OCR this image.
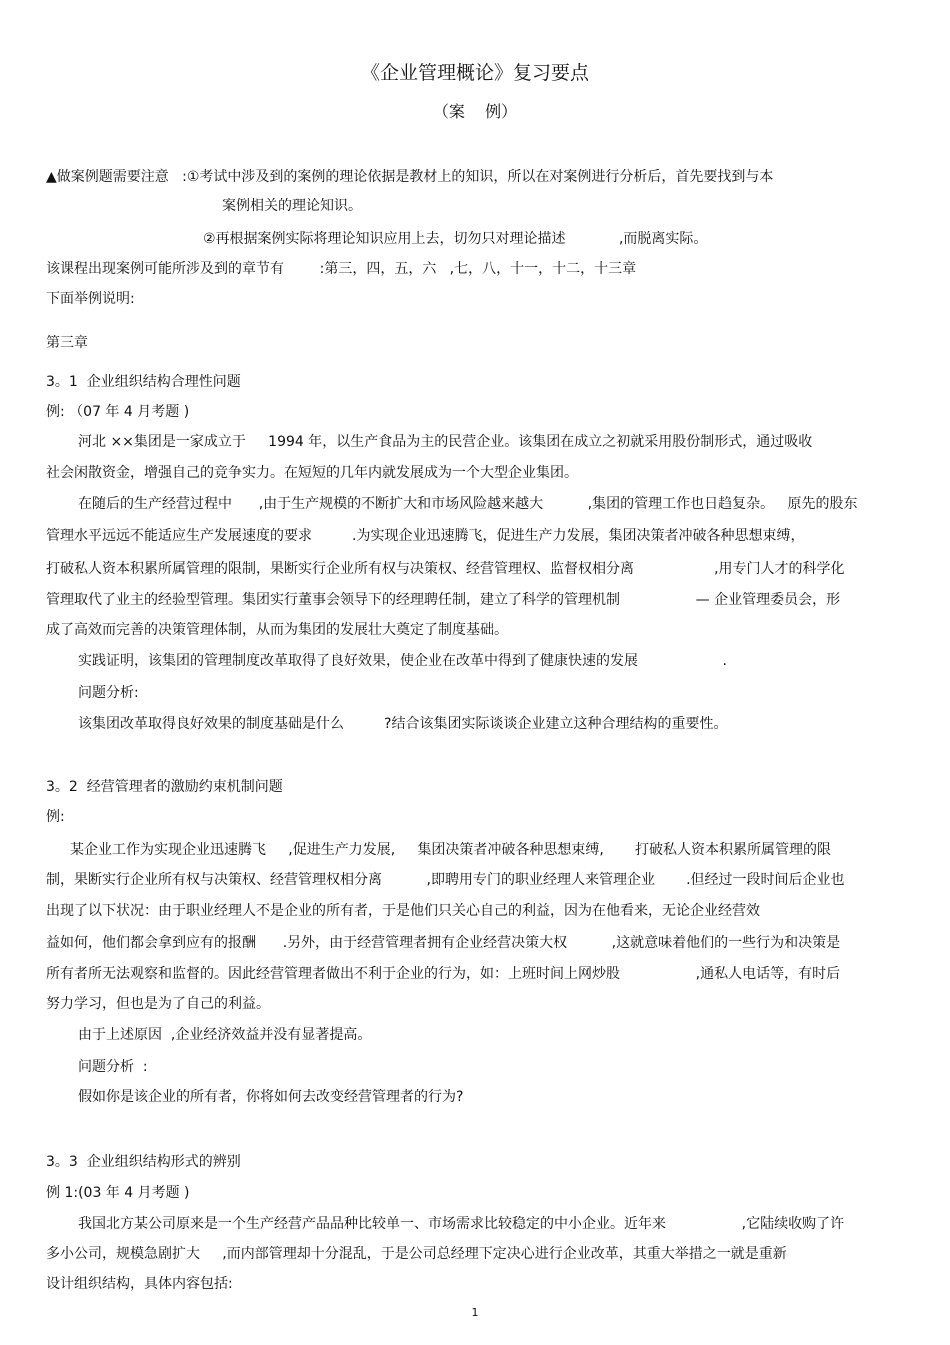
《企业管理概论》复习要点
（案    例）
▲做案例题需要注意   :①考试中涉及到的案例的理论依据是教材上的知识，所以在对案例进行分析后，首先要找到与本
案例相关的理论知识。
②再根据案例实际将理论知识应用上去，切勿只对理论描述            ,而脱离实际。
该课程出现案例可能所涉及到的章节有        :第三，四，五，六   ,七，八，十一，十二，十三章
下面举例说明:
第三章
3。1  企业组织结构合理性问题
例: （07 年 4 月考题 )
河北 ××集团是一家成立于     1994 年，以生产食品为主的民营企业。该集团在成立之初就采用股份制形式，通过吸收
社会闲散资金，增强自己的竞争实力。在短短的几年内就发展成为一个大型企业集团。
在随后的生产经营过程中      ,由于生产规模的不断扩大和市场风险越来越大          ,集团的管理工作也日趋复杂。   原先的股东
管理水平远远不能适应生产发展速度的要求         .为实现企业迅速腾飞，促进生产力发展，集团决策者冲破各种思想束缚，
打破私人资本积累所属管理的限制，果断实行企业所有权与决策权、经营管理权、监督权相分离                  ,用专门人才的科学化
管理取代了业主的经验型管理。集团实行董事会领导下的经理聘任制，建立了科学的管理机制                 — 企业管理委员会，形
成了高效而完善的决策管理体制，从而为集团的发展壮大奠定了制度基础。
实践证明，该集团的管理制度改革取得了良好效果，使企业在改革中得到了健康快速的发展                   .
问题分析:
该集团改革取得良好效果的制度基础是什么         ?结合该集团实际谈谈企业建立这种合理结构的重要性。
3。2  经营管理者的激励约束机制问题
例:
某企业工作为实现企业迅速腾飞     ,促进生产力发展,     集团决策者冲破各种思想束缚,       打破私人资本积累所属管理的限
制，果断实行企业所有权与决策权、经营管理权相分离          ,即聘用专门的职业经理人来管理企业       .但经过一段时间后企业也
出现了以下状况：由于职业经理人不是企业的所有者，于是他们只关心自己的利益，因为在他看来，无论企业经营效
益如何，他们都会拿到应有的报酬      .另外，由于经营管理者拥有企业经营决策大权          ,这就意味着他们的一些行为和决策是
所有者所无法观察和监督的。因此经营管理者做出不利于企业的行为，如：上班时间上网炒股                 ,通私人电话等，有时后
努力学习，但也是为了自己的利益。
由于上述原因  ,企业经济效益并没有显著提高。
问题分析  :
假如你是该企业的所有者，你将如何去改变经营管理者的行为?
3。3  企业组织结构形式的辨别
例 1:(03 年 4 月考题 )
我国北方某公司原来是一个生产经营产品品种比较单一、市场需求比较稳定的中小企业。近年来                 ,它陆续收购了许
多小公司，规模急剧扩大     ,而内部管理却十分混乱，于是公司总经理下定决心进行企业改革，其重大举措之一就是重新
设计组织结构，具体内容包括:
1
